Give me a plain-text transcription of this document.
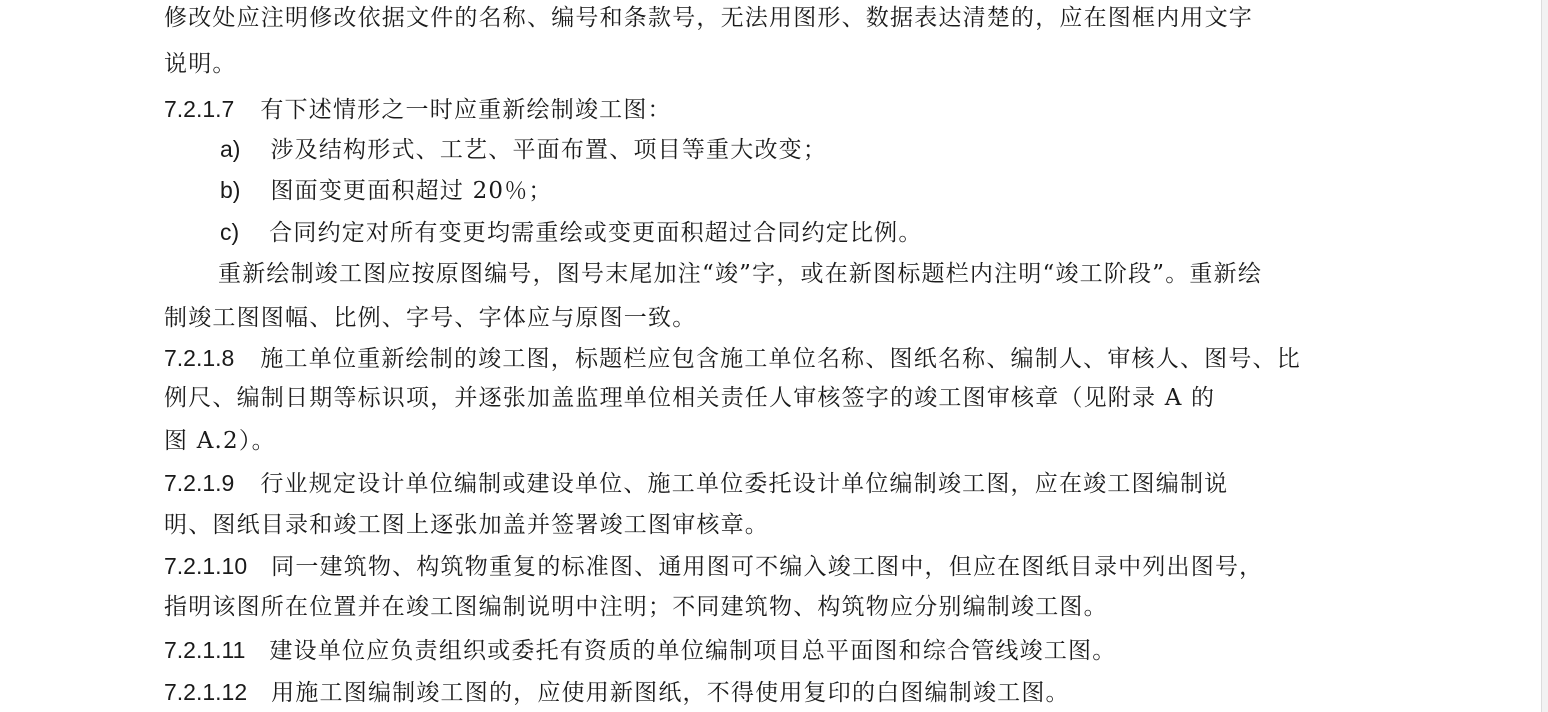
修改处应注明修改依据文件的名称、编号和条款号，无法用图形、数据表达清楚的，应在图框内用文字
说明。
7.2.1.7 有下述情形之一时应重新绘制竣工图：
a) 涉及结构形式、工艺、平面布置、项目等重大改变；
b) 图面变更面积超过 20％；
c) 合同约定对所有变更均需重绘或变更面积超过合同约定比例。
重新绘制竣工图应按原图编号，图号末尾加注“竣”字，或在新图标题栏内注明“竣工阶段”。重新绘
制竣工图图幅、比例、字号、字体应与原图一致。
7.2.1.8 施工单位重新绘制的竣工图，标题栏应包含施工单位名称、图纸名称、编制人、审核人、图号、比
例尺、编制日期等标识项，并逐张加盖监理单位相关责任人审核签字的竣工图审核章（见附录 A 的
图 A.2）。
7.2.1.9 行业规定设计单位编制或建设单位、施工单位委托设计单位编制竣工图，应在竣工图编制说
明、图纸目录和竣工图上逐张加盖并签署竣工图审核章。
7.2.1.10 同一建筑物、构筑物重复的标准图、通用图可不编入竣工图中，但应在图纸目录中列出图号，
指明该图所在位置并在竣工图编制说明中注明；不同建筑物、构筑物应分别编制竣工图。
7.2.1.11 建设单位应负责组织或委托有资质的单位编制项目总平面图和综合管线竣工图。
7.2.1.12 用施工图编制竣工图的，应使用新图纸，不得使用复印的白图编制竣工图。
